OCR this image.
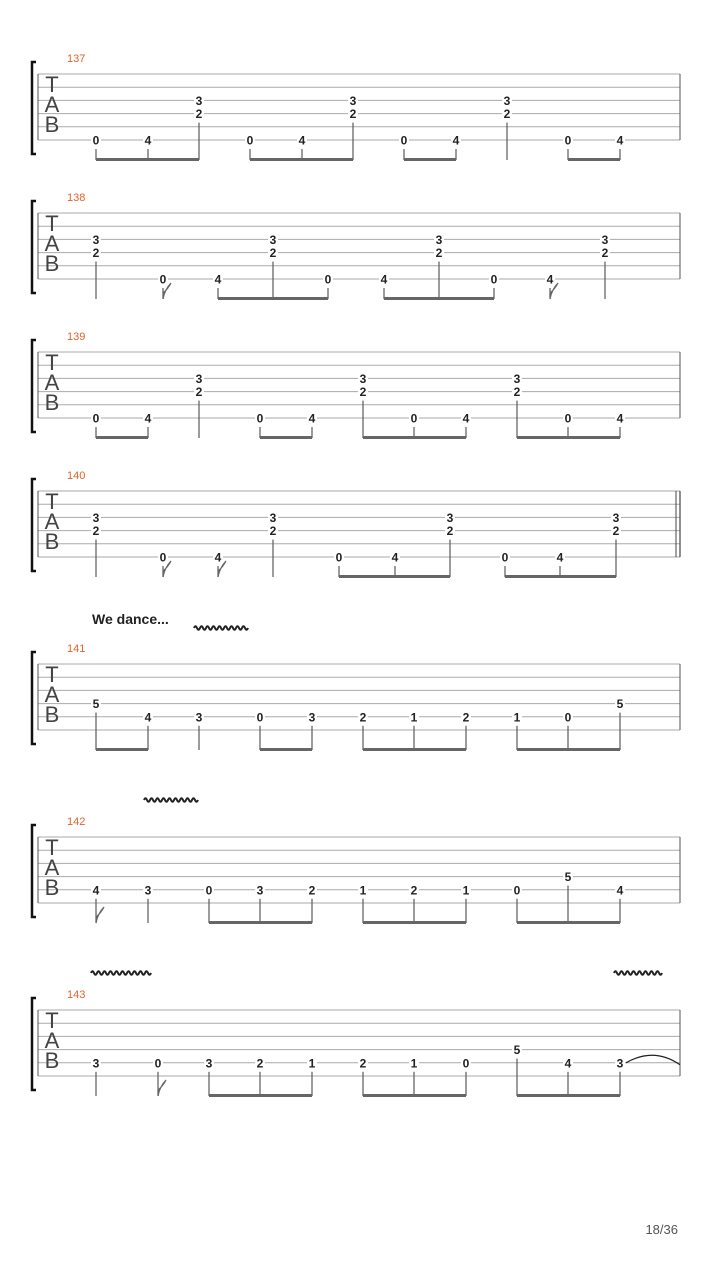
T
A
B
137
0	4
3
2
0	4
3
2
0	4
3
2
0	4
T
A
B
138
3
2
0	4
3
2
0	4
3
2
0	4
3
2
T
A
B
139
0	4
3
2
0	4
3
2
0	4
3
2
0	4
T
A
B
140
3
2
0	4
3
2
0	4
3
2
0	4
3
2
T
A
B
141
We dance...
5
4	3	0	3	2	1	2	1	0
5
T
A
B
142
4	3	0	3	2	1	2	1	0
5
4
T
A
B
143
3	0	3	2	1	2	1	0
5
4	3
18/36
